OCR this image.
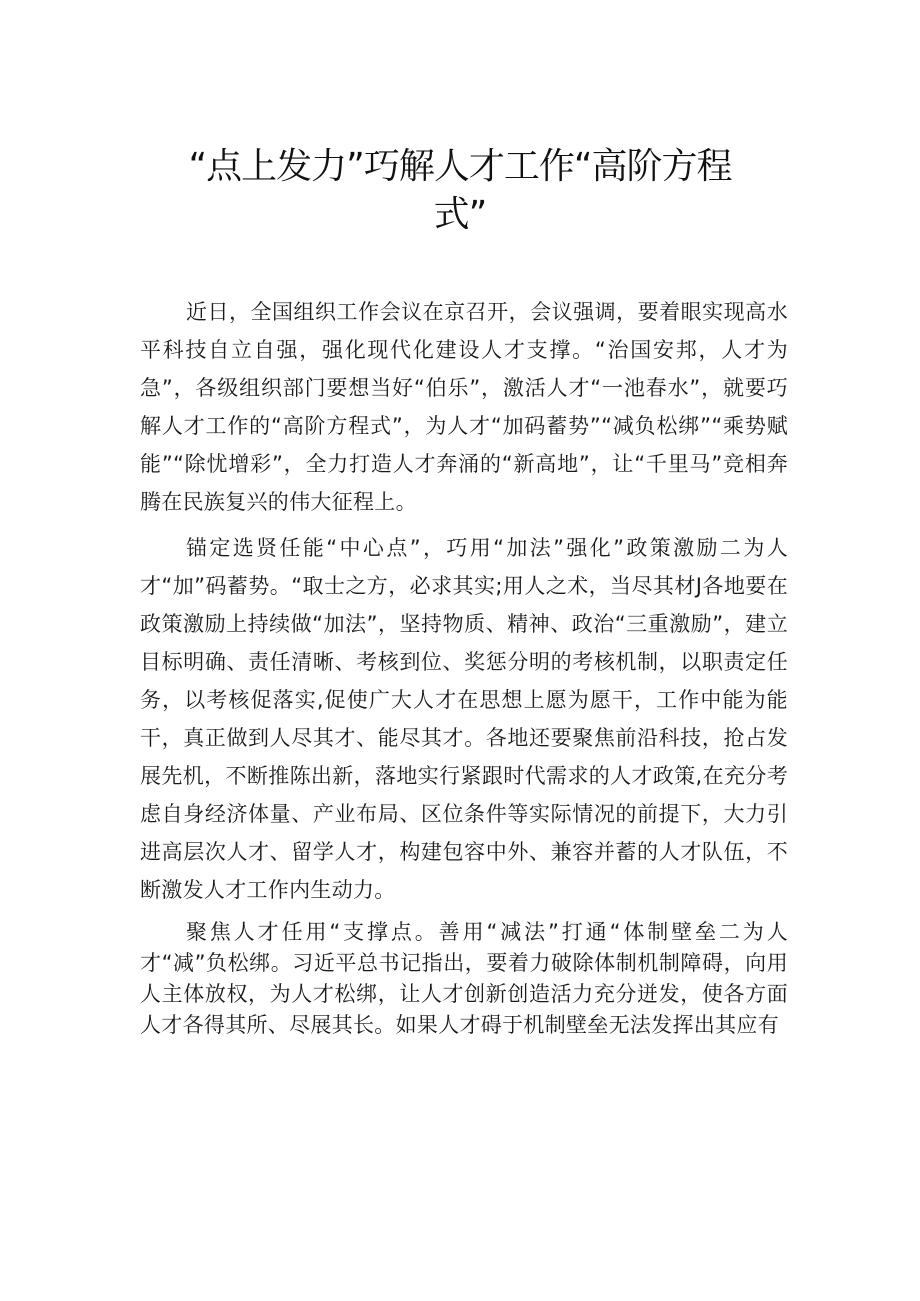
“点上发力”巧解人才工作“高阶方程
式”

近日，全国组织工作会议在京召开，会议强调，要着眼实现高水平科技自立自强，强化现代化建设人才支撑。“治国安邦，人才为急”，各级组织部门要想当好“伯乐”，激活人才“一池春水”，就要巧解人才工作的“高阶方程式”，为人才“加码蓄势”“减负松绑”“乘势赋能”“除忧增彩”，全力打造人才奔涌的“新高地”，让“千里马”竞相奔腾在民族复兴的伟大征程上。

锚定选贤任能“中心点”，巧用“加法”强化”政策激励二为人才“加”码蓄势。“取士之方，必求其实;用人之术，当尽其材J各地要在政策激励上持续做“加法”，坚持物质、精神、政治“三重激励”，建立目标明确、责任清晰、考核到位、奖惩分明的考核机制，以职责定任务，以考核促落实,促使广大人才在思想上愿为愿干，工作中能为能干，真正做到人尽其才、能尽其才。各地还要聚焦前沿科技，抢占发展先机，不断推陈出新，落地实行紧跟时代需求的人才政策,在充分考虑自身经济体量、产业布局、区位条件等实际情况的前提下，大力引进高层次人才、留学人才，构建包容中外、兼容并蓄的人才队伍，不断激发人才工作内生动力。

聚焦人才任用“支撑点。善用“减法”打通“体制壁垒二为人才“减”负松绑。习近平总书记指出，要着力破除体制机制障碍，向用人主体放权，为人才松绑，让人才创新创造活力充分迸发，使各方面人才各得其所、尽展其长。如果人才碍于机制壁垒无法发挥出其应有
